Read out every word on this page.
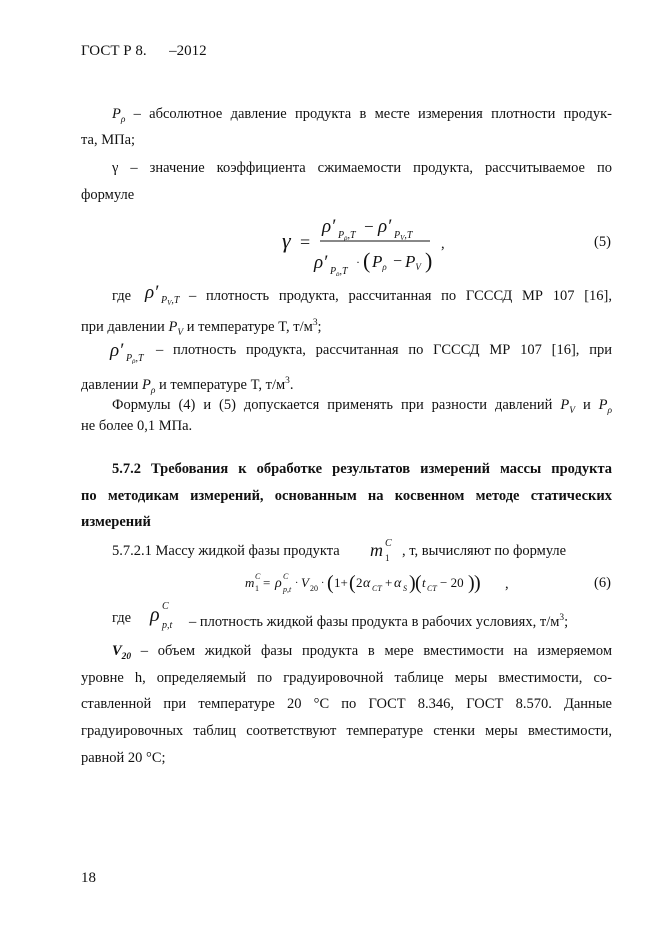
ГОСТ Р 8.      –2012
$P_\rho$ – абсолютное давление продукта в месте измерения плотности продук-
та, МПа;
γ – значение коэффициента сжимаемости продукта, рассчитываемое по
формуле
γ =
ρ′ $P_\rho,T - \rho'$ $P_V,T$
ρ′ $P_\rho,T$
· ( Pρ − PV )
,	(5)
где ρ′ $P_V,T$ – плотность продукта, рассчитанная по ГСССД МР 107 [16],
при давлении $P_V$ и температуре T, $т/м^3$;
ρ′ $P_\rho,T$
– плотность продукта, рассчитанная по ГСССД МР 107 [16], при
давлении $P_\rho$ и температуре T, $т/м^3$.
Формулы (4) и (5) допускается применять при разности давлений $P_V$ и $P_\rho$
не более 0,1 МПа.
5.7.2 Требования к обработке результатов измерений массы продукта
по методикам измерений, основанным на косвенном методе статических
измерений
5.7.2.1 Массу жидкой фазы продукта m 1
C , т, вычисляют по формуле
m 1
C = ρ p,t
C
· V 20 · ( 1+ ( 2 α CT + α S ) ( t CT − 20 ) ) ,	(6)
где ρ C
p,t – плотность жидкой фазы продукта в рабочих условиях, $т/м^3$;
$V_{20}$ – объем жидкой фазы продукта в мере вместимости на измеряемом
уровне h, определяемый по градуировочной таблице меры вместимости, со-
ставленной при температуре 20 °С по ГОСТ 8.346, ГОСТ 8.570. Данные
градуировочных таблиц соответствуют температуре стенки меры вместимости,
равной 20 °С;
18
